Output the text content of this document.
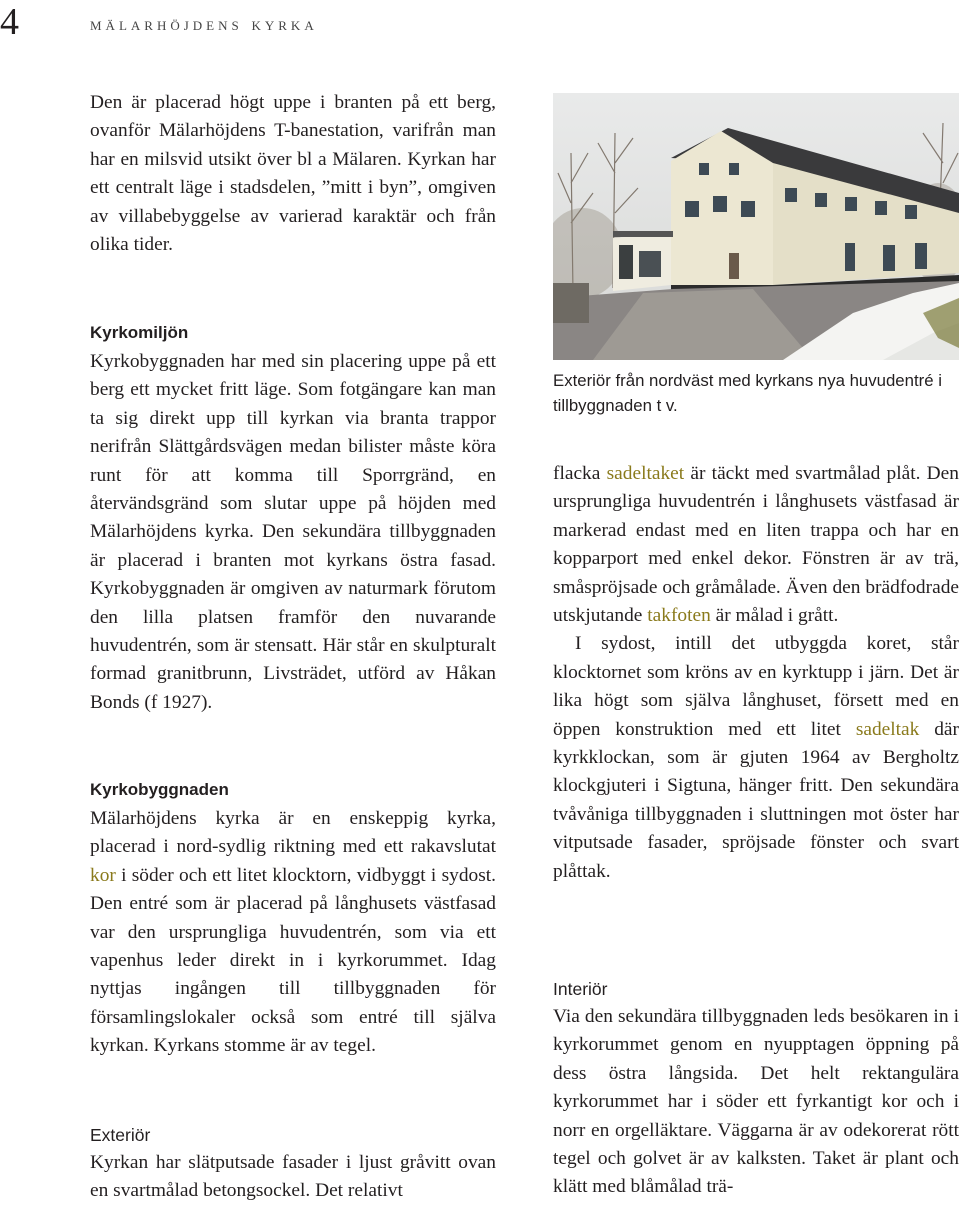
4	mälarhöjdens kyrka

Den är placerad högt uppe i branten på ett berg, ovanför Mälarhöjdens T-banestation, varifrån man har en milsvid utsikt över bl a Mälaren. Kyrkan har ett centralt läge i stadsdelen, ”mitt i byn”, omgiven av villabebyggelse av varierad karaktär och från olika tider.

Kyrkomiljön

Kyrkobyggnaden har med sin placering uppe på ett berg ett mycket fritt läge. Som fotgängare kan man ta sig direkt upp till kyrkan via branta trappor nerifrån Slättgårdsvägen medan bilister måste köra runt för att komma till Sporrgränd, en återvändsgränd som slutar uppe på höjden med Mälarhöjdens kyrka. Den sekundära tillbyggnaden är placerad i branten mot kyrkans östra fasad. Kyrkobyggnaden är omgiven av naturmark förutom den lilla platsen framför den nuvarande huvudentrén, som är stensatt. Här står en skulpturalt formad granitbrunn, Livsträdet, utförd av Håkan Bonds (f 1927).

Kyrkobyggnaden

Mälarhöjdens kyrka är en enskeppig kyrka, placerad i nord-sydlig riktning med ett rakavslutat kor i söder och ett litet klocktorn, vidbyggt i sydost. Den entré som är placerad på långhusets västfasad var den ursprungliga huvudentrén, som via ett vapenhus leder direkt in i kyrkorummet. Idag nyttjas ingången till tillbyggnaden för församlingslokaler också som entré till själva kyrkan. Kyrkans stomme är av tegel.

Exteriör

Kyrkan har slätputsade fasader i ljust gråvitt ovan en svartmålad betongsockel. Det relativt

Exteriör från nordväst med kyrkans nya huvudentré i tillbyggnaden t v.

flacka sadeltaket är täckt med svartmålad plåt. Den ursprungliga huvudentrén i långhusets västfasad är markerad endast med en liten trappa och har en kopparport med enkel dekor. Fönstren är av trä, småspröjsade och gråmålade. Även den brädfodrade utskjutande takfoten är målad i grått.

I sydost, intill det utbyggda koret, står klocktornet som kröns av en kyrktupp i järn. Det är lika högt som själva långhuset, försett med en öppen konstruktion med ett litet sadeltak där kyrkklockan, som är gjuten 1964 av Bergholtz klockgjuteri i Sigtuna, hänger fritt. Den sekundära tvåvåniga tillbyggnaden i sluttningen mot öster har vitputsade fasader, spröjsade fönster och svart plåttak.

Interiör

Via den sekundära tillbyggnaden leds besökaren in i kyrkorummet genom en nyupptagen öppning på dess östra långsida. Det helt rektangulära kyrkorummet har i söder ett fyrkantigt kor och i norr en orgelläktare. Väggarna är av odekorerat rött tegel och golvet är av kalksten. Taket är plant och klätt med blåmålad trä-
